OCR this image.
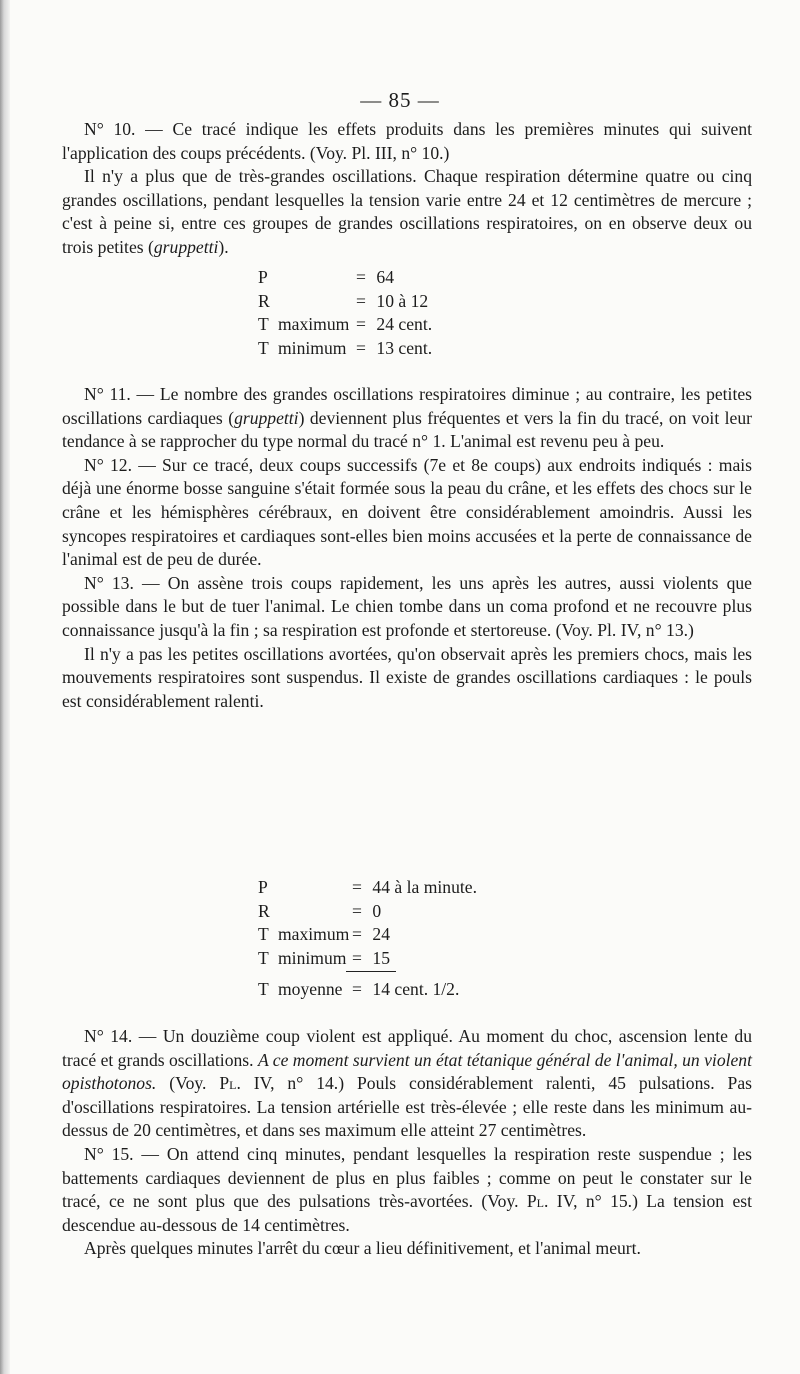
— 85 —

N° 10. — Ce tracé indique les effets produits dans les premières minutes qui suivent l'application des coups précédents. (Voy. Pl. III, n° 10.)

Il n'y a plus que de très-grandes oscillations. Chaque respiration détermine quatre ou cinq grandes oscillations, pendant lesquelles la tension varie entre 24 et 12 centimètres de mercure ; c'est à peine si, entre ces groupes de grandes oscillations respiratoires, on en observe deux ou trois petites (gruppetti).

P	= 64
R	= 10 à 12
T maximum = 24 cent.
T minimum = 13 cent.

N° 11. — Le nombre des grandes oscillations respiratoires diminue ; au contraire, les petites oscillations cardiaques (gruppetti) deviennent plus fréquentes et vers la fin du tracé, on voit leur tendance à se rapprocher du type normal du tracé n° 1. L'animal est revenu peu à peu.

N° 12. — Sur ce tracé, deux coups successifs (7e et 8e coups) aux endroits indiqués : mais déjà une énorme bosse sanguine s'était formée sous la peau du crâne, et les effets des chocs sur le crâne et les hémisphères cérébraux, en doivent être considérablement amoindris. Aussi les syncopes respiratoires et cardiaques sont-elles bien moins accusées et la perte de connaissance de l'animal est de peu de durée.

N° 13. — On assène trois coups rapidement, les uns après les autres, aussi violents que possible dans le but de tuer l'animal. Le chien tombe dans un coma profond et ne recouvre plus connaissance jusqu'à la fin ; sa respiration est profonde et stertoreuse. (Voy. Pl. IV, n° 13.)

Il n'y a pas les petites oscillations avortées, qu'on observait après les premiers chocs, mais les mouvements respiratoires sont suspendus. Il existe de grandes oscillations cardiaques : le pouls est considérablement ralenti.

P	= 44 à la minute.
R	= 0
T maximum = 24
T minimum = 15
T moyenne = 14 cent. 1/2.

N° 14. — Un douzième coup violent est appliqué. Au moment du choc, ascension lente du tracé et grands oscillations. A ce moment survient un état tétanique général de l'animal, un violent opisthotonos. (Voy. Pl. IV, n° 14.) Pouls considérablement ralenti, 45 pulsations. Pas d'oscillations respiratoires. La tension artérielle est très-élevée ; elle reste dans les minimum au-dessus de 20 centimètres, et dans ses maximum elle atteint 27 centimètres.

N° 15. — On attend cinq minutes, pendant lesquelles la respiration reste suspendue ; les battements cardiaques deviennent de plus en plus faibles ; comme on peut le constater sur le tracé, ce ne sont plus que des pulsations très-avortées. (Voy. Pl. IV, n° 15.) La tension est descendue au-dessous de 14 centimètres.

Après quelques minutes l'arrêt du cœur a lieu définitivement, et l'animal meurt.
